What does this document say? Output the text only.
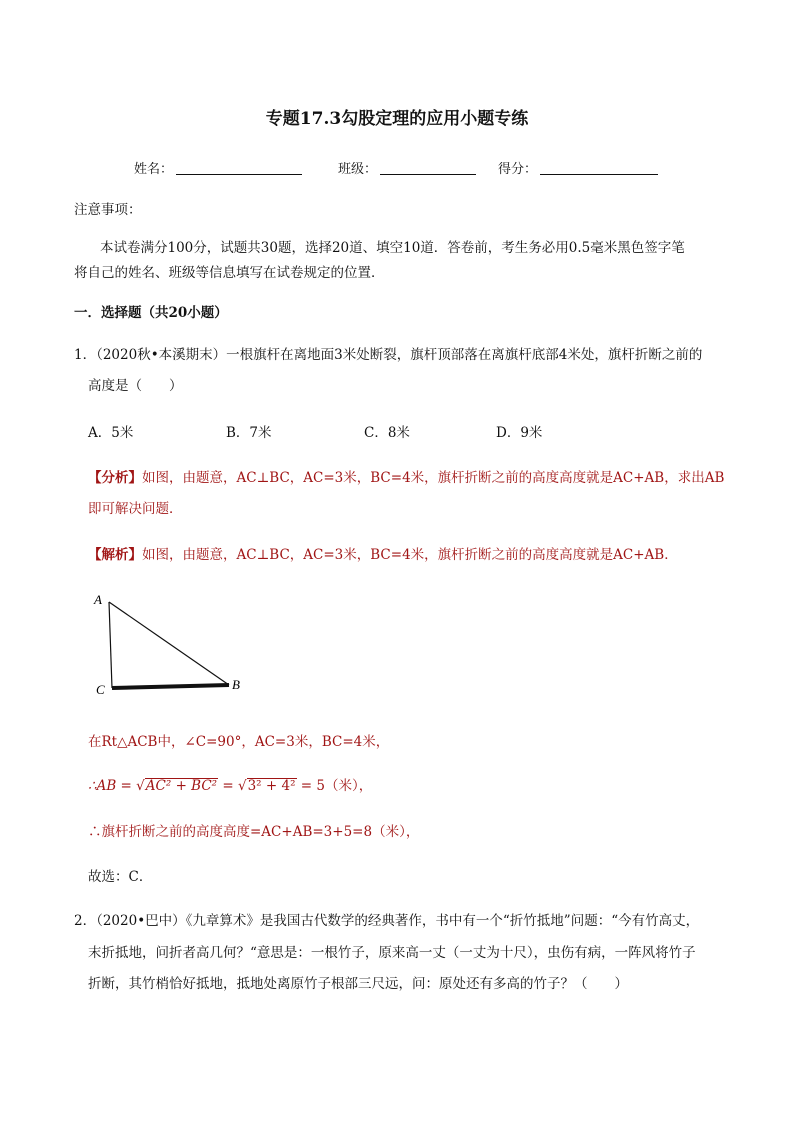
专题17.3勾股定理的应用小题专练
姓名：	班级：	得分：
注意事项：
本试卷满分100分，试题共30题，选择20道、填空10道．答卷前，考生务必用0.5毫米黑色签字笔
将自己的姓名、班级等信息填写在试卷规定的位置．
一．选择题（共20小题）
1．（2020秋•本溪期末）一根旗杆在离地面3米处断裂，旗杆顶部落在离旗杆底部4米处，旗杆折断之前的
高度是（　　）
A．5米	B．7米	C．8米	D．9米
【分析】如图，由题意，AC⊥BC，AC=3米，BC=4米，旗杆折断之前的高度高度就是AC+AB，求出AB
即可解决问题．
【解析】如图，由题意，AC⊥BC，AC=3米，BC=4米，旗杆折断之前的高度高度就是AC+AB．
A
B
C
在Rt△ACB中，∠C=90°，AC=3米，BC=4米，
∴AB = √AC² + BC² = √3² + 4² = 5（米），
∴旗杆折断之前的高度高度=AC+AB=3+5=8（米），
故选：C．
2．（2020•巴中）《九章算术》是我国古代数学的经典著作，书中有一个“折竹抵地”问题：“今有竹高丈，
末折抵地，问折者高几何？“意思是：一根竹子，原来高一丈（一丈为十尺），虫伤有病，一阵风将竹子
折断，其竹梢恰好抵地，抵地处离原竹子根部三尺远，问：原处还有多高的竹子？（　　）
